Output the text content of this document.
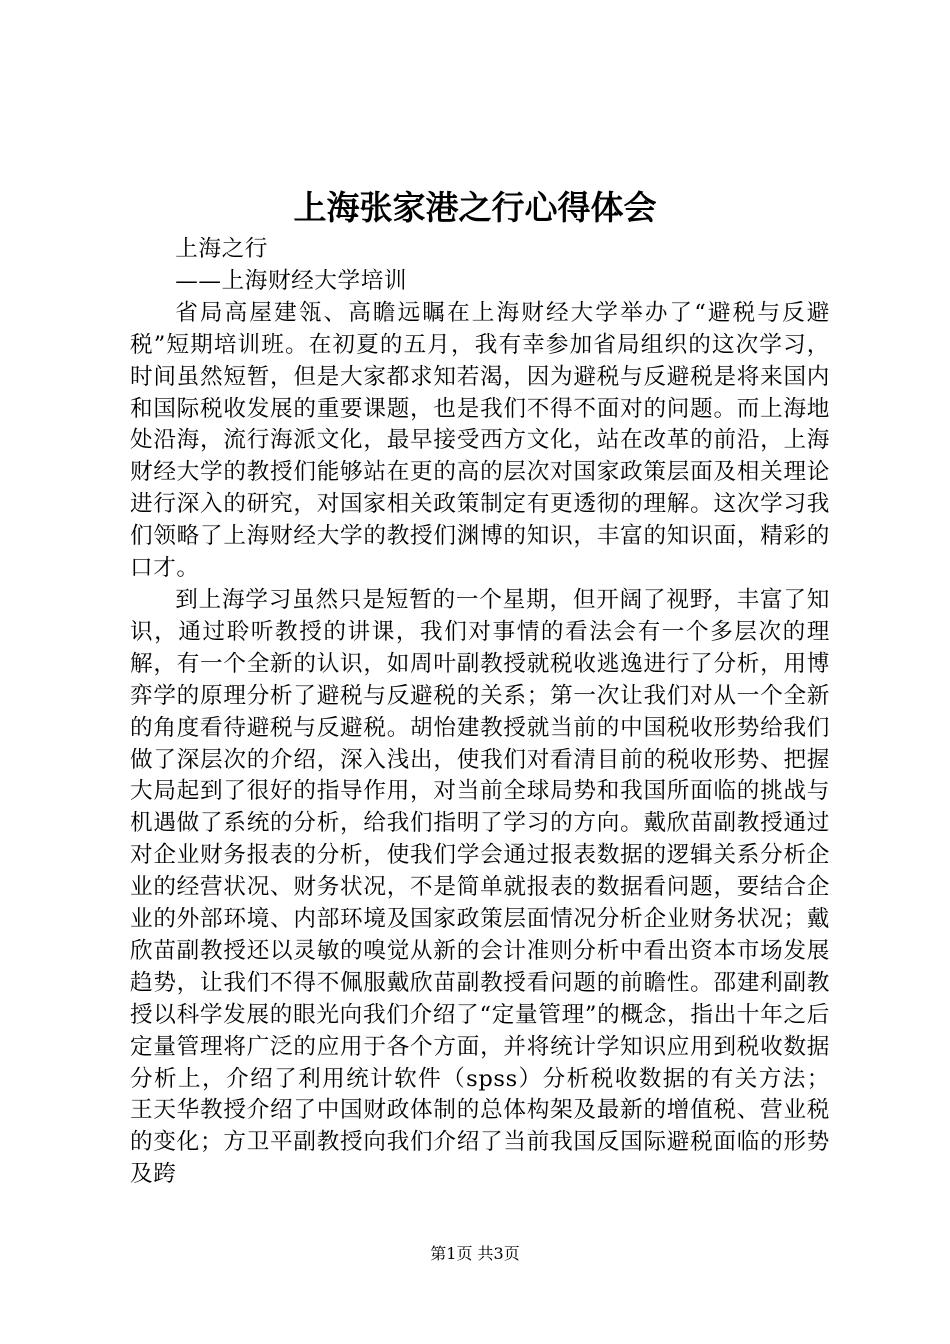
上海张家港之行心得体会

上海之行

——上海财经大学培训

省局高屋建瓴、高瞻远瞩在上海财经大学举办了“避税与反避税”短期培训班。在初夏的五月，我有幸参加省局组织的这次学习，时间虽然短暂，但是大家都求知若渴，因为避税与反避税是将来国内和国际税收发展的重要课题，也是我们不得不面对的问题。而上海地处沿海，流行海派文化，最早接受西方文化，站在改革的前沿，上海财经大学的教授们能够站在更的高的层次对国家政策层面及相关理论进行深入的研究，对国家相关政策制定有更透彻的理解。这次学习我们领略了上海财经大学的教授们渊博的知识，丰富的知识面，精彩的口才。

到上海学习虽然只是短暂的一个星期，但开阔了视野，丰富了知识，通过聆听教授的讲课，我们对事情的看法会有一个多层次的理解，有一个全新的认识，如周叶副教授就税收逃逸进行了分析，用博弈学的原理分析了避税与反避税的关系；第一次让我们对从一个全新的角度看待避税与反避税。胡怡建教授就当前的中国税收形势给我们做了深层次的介绍，深入浅出，使我们对看清目前的税收形势、把握大局起到了很好的指导作用，对当前全球局势和我国所面临的挑战与机遇做了系统的分析，给我们指明了学习的方向。戴欣苗副教授通过对企业财务报表的分析，使我们学会通过报表数据的逻辑关系分析企业的经营状况、财务状况，不是简单就报表的数据看问题，要结合企业的外部环境、内部环境及国家政策层面情况分析企业财务状况；戴欣苗副教授还以灵敏的嗅觉从新的会计准则分析中看出资本市场发展趋势，让我们不得不佩服戴欣苗副教授看问题的前瞻性。邵建利副教授以科学发展的眼光向我们介绍了“定量管理”的概念，指出十年之后定量管理将广泛的应用于各个方面，并将统计学知识应用到税收数据分析上，介绍了利用统计软件（spss）分析税收数据的有关方法；王天华教授介绍了中国财政体制的总体构架及最新的增值税、营业税的变化；方卫平副教授向我们介绍了当前我国反国际避税面临的形势及跨

第1页 共3页
